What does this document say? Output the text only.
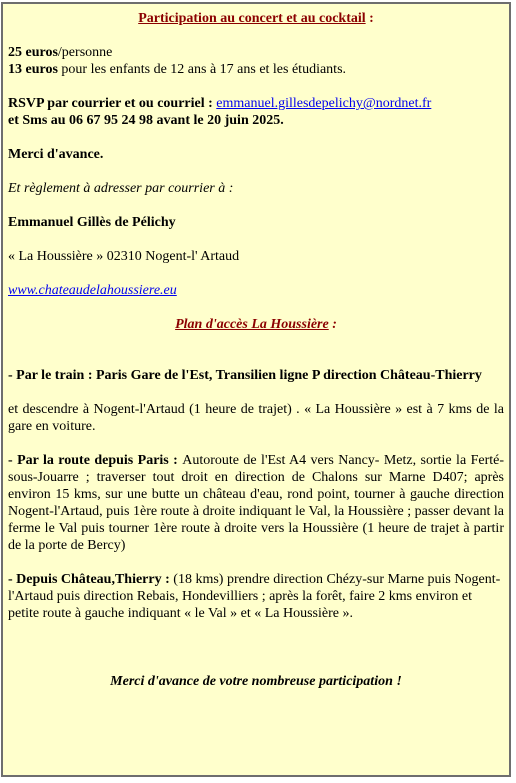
Participation au concert et au cocktail :

25 euros/personne

13 euros pour les enfants de 12 ans à 17 ans et les étudiants.

RSVP par courrier et ou courriel : emmanuel.gillesdepelichy@nordnet.fr

et Sms au 06 67 95 24 98 avant le 20 juin 2025.

Merci d'avance.

Et règlement à adresser par courrier à :

Emmanuel Gillès de Pélichy

« La Houssière » 02310 Nogent-l' Artaud

www.chateaudelahoussiere.eu

Plan d'accès La Houssière :

- Par le train : Paris Gare de l'Est, Transilien ligne P direction Château-Thierry

et descendre à Nogent-l'Artaud (1 heure de trajet) . « La Houssière » est à 7 kms de la gare en voiture.

- Par la route depuis Paris : Autoroute de l'Est A4 vers Nancy- Metz, sortie la Ferté-sous-Jouarre ; traverser tout droit en direction de Chalons sur Marne D407; après environ 15 kms, sur une butte un château d'eau, rond point, tourner à gauche direction Nogent-l'Artaud, puis 1ère route à droite indiquant le Val, la Houssière ; passer devant la ferme le Val puis tourner 1ère route à droite vers la Houssière (1 heure de trajet à partir de la porte de Bercy)

- Depuis Château,Thierry : (18 kms) prendre direction Chézy-sur Marne puis Nogent-l'Artaud puis direction Rebais, Hondevilliers ; après la forêt, faire 2 kms environ et petite route à gauche indiquant « le Val » et « La Houssière ».

Merci d'avance de votre nombreuse participation !
